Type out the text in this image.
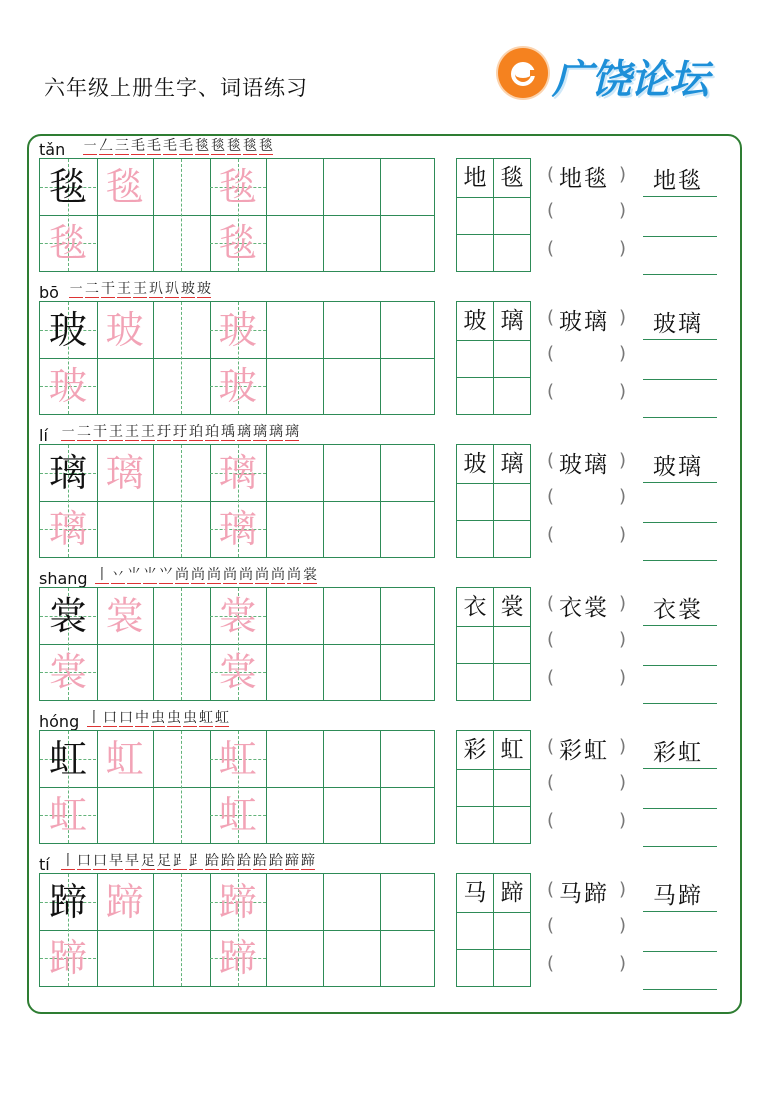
六年级上册生字、词语练习	广饶论坛
tǎn ㇐ 𠃋 三 毛 毛 毛 毛 毯 毯 毯 毯 毯
毯 毯 毯
毯	毯
地 毯	(	)
(	)
(	)
地毯 地毯
bō ㇐ 二 干 王 王 玐 玐 玻 玻
玻 玻 玻
玻	玻
玻 璃	(	)
(	)
(	)
玻璃 玻璃
lí ㇐ 二 干 王 王 王 玗 玗 珀 珀 瑀 璃 璃 璃 璃
璃 璃 璃
璃	璃
玻 璃	(	)
(	)
(	)
玻璃 玻璃
shang 丨 丷 ⺌ ⺌ ⺍ 尚 尚 尚 尚 尚 尚 尚 尚 裳
裳 裳 裳
裳	裳
衣 裳	(	)
(	)
(	)
衣裳 衣裳
hóng 丨 口 口 中 虫 虫 虫 虹 虹
虹 虹 虹
虹	虹
彩 虹	(	)
(	)
(	)
彩虹 彩虹
tí 丨 口 口 早 早 足 足 𧾷 𧾷 跲 跲 跲 跲 跲 蹄 蹄
蹄 蹄 蹄
蹄	蹄
马 蹄	(	)
(	)
(	)
马蹄 马蹄
